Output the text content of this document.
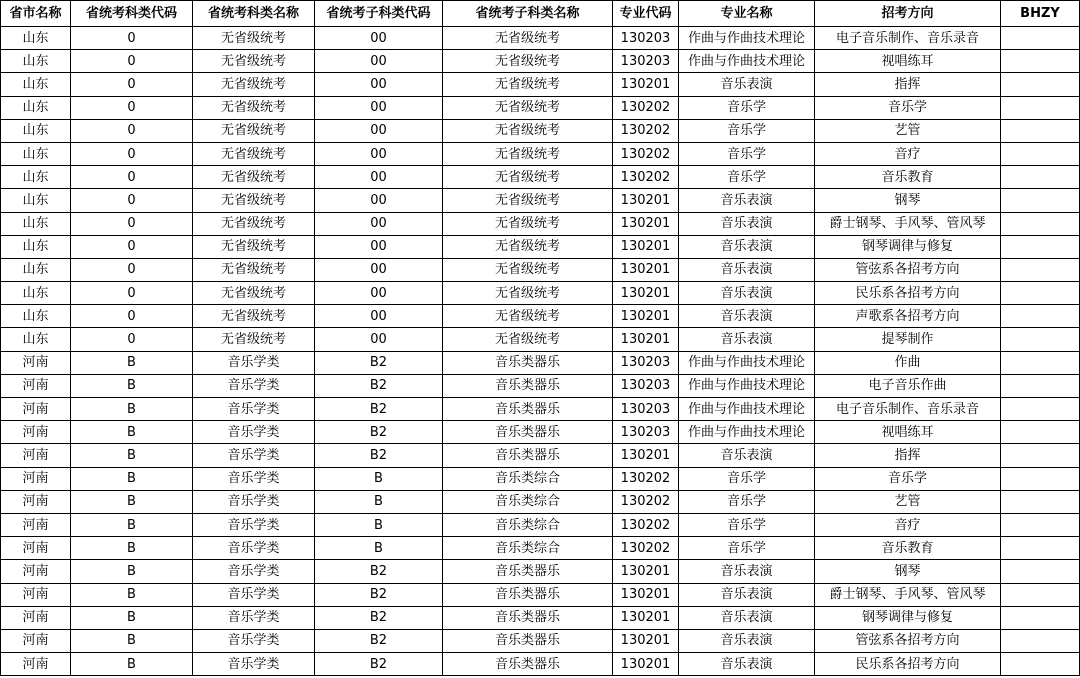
省市名称	省统考科类代码	省统考科类名称	省统考子科类代码	省统考子科类名称	专业代码	专业名称	招考方向	BHZY
山东	0	无省级统考	00	无省级统考	130203	作曲与作曲技术理论	电子音乐制作、音乐录音	
山东	0	无省级统考	00	无省级统考	130203	作曲与作曲技术理论	视唱练耳	
山东	0	无省级统考	00	无省级统考	130201	音乐表演	指挥	
山东	0	无省级统考	00	无省级统考	130202	音乐学	音乐学	
山东	0	无省级统考	00	无省级统考	130202	音乐学	艺管	
山东	0	无省级统考	00	无省级统考	130202	音乐学	音疗	
山东	0	无省级统考	00	无省级统考	130202	音乐学	音乐教育	
山东	0	无省级统考	00	无省级统考	130201	音乐表演	钢琴	
山东	0	无省级统考	00	无省级统考	130201	音乐表演	爵士钢琴、手风琴、管风琴	
山东	0	无省级统考	00	无省级统考	130201	音乐表演	钢琴调律与修复	
山东	0	无省级统考	00	无省级统考	130201	音乐表演	管弦系各招考方向	
山东	0	无省级统考	00	无省级统考	130201	音乐表演	民乐系各招考方向	
山东	0	无省级统考	00	无省级统考	130201	音乐表演	声歌系各招考方向	
山东	0	无省级统考	00	无省级统考	130201	音乐表演	提琴制作	
河南	B	音乐学类	B2	音乐类器乐	130203	作曲与作曲技术理论	作曲	
河南	B	音乐学类	B2	音乐类器乐	130203	作曲与作曲技术理论	电子音乐作曲	
河南	B	音乐学类	B2	音乐类器乐	130203	作曲与作曲技术理论	电子音乐制作、音乐录音	
河南	B	音乐学类	B2	音乐类器乐	130203	作曲与作曲技术理论	视唱练耳	
河南	B	音乐学类	B2	音乐类器乐	130201	音乐表演	指挥	
河南	B	音乐学类	B	音乐类综合	130202	音乐学	音乐学	
河南	B	音乐学类	B	音乐类综合	130202	音乐学	艺管	
河南	B	音乐学类	B	音乐类综合	130202	音乐学	音疗	
河南	B	音乐学类	B	音乐类综合	130202	音乐学	音乐教育	
河南	B	音乐学类	B2	音乐类器乐	130201	音乐表演	钢琴	
河南	B	音乐学类	B2	音乐类器乐	130201	音乐表演	爵士钢琴、手风琴、管风琴	
河南	B	音乐学类	B2	音乐类器乐	130201	音乐表演	钢琴调律与修复	
河南	B	音乐学类	B2	音乐类器乐	130201	音乐表演	管弦系各招考方向	
河南	B	音乐学类	B2	音乐类器乐	130201	音乐表演	民乐系各招考方向	
